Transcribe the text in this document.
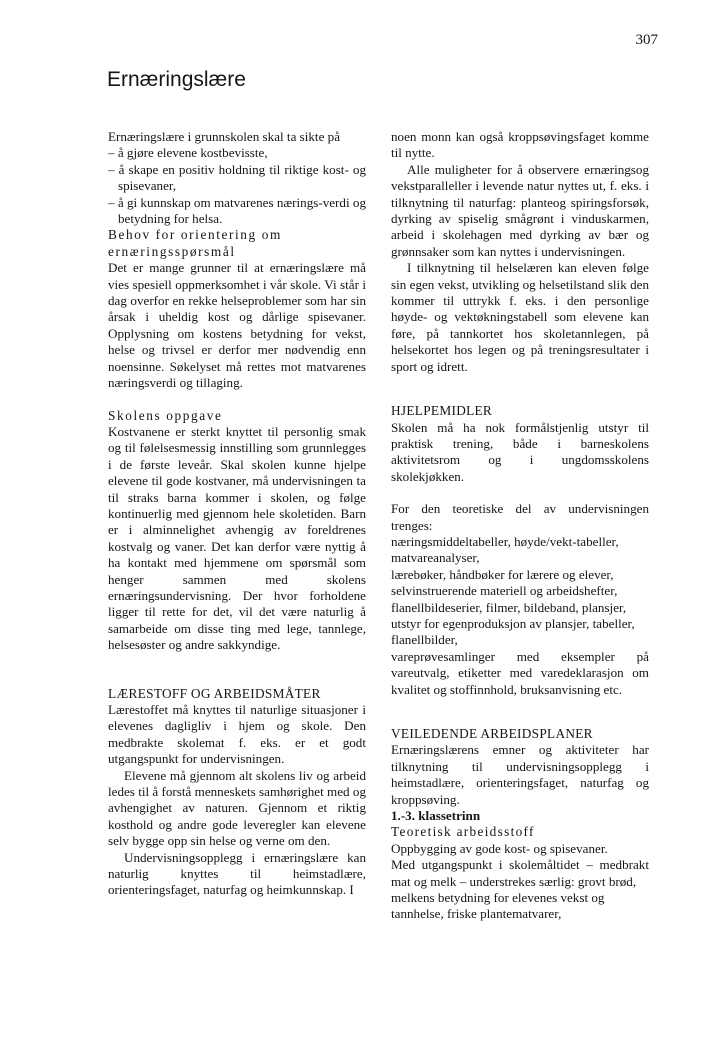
307
Ernæringslære

Ernæringslære i grunnskolen skal ta sikte på

– å gjøre elevene kostbevisste,

– å skape en positiv holdning til riktige kost- og spisevaner,

– å gi kunnskap om matvarenes nærings-verdi og betydning for helsa.

Behov for orientering om ernæringsspørsmål

Det er mange grunner til at ernæringslære må vies spesiell oppmerksomhet i vår skole. Vi står i dag overfor en rekke helseproblemer som har sin årsak i uheldig kost og dårlige spisevaner. Opplysning om kostens betydning for vekst, helse og trivsel er derfor mer nødvendig enn noensinne. Søkelyset må rettes mot matvarenes næringsverdi og tillaging.

Skolens oppgave

Kostvanene er sterkt knyttet til personlig smak og til følelsesmessig innstilling som grunnlegges i de første leveår. Skal skolen kunne hjelpe elevene til gode kostvaner, må undervisningen ta til straks barna kommer i skolen, og følge kontinuerlig med gjennom hele skoletiden. Barn er i alminnelighet avhengig av foreldrenes kostvalg og vaner. Det kan derfor være nyttig å ha kontakt med hjemmene om spørsmål som henger sammen med skolens ernæringsundervisning. Der hvor forholdene ligger til rette for det, vil det være naturlig å samarbeide om disse ting med lege, tannlege, helsesøster og andre sakkyndige.

LÆRESTOFF OG ARBEIDSMÅTER

Lærestoffet må knyttes til naturlige situasjoner i elevenes dagligliv i hjem og skole. Den medbrakte skolemat f. eks. er et godt utgangspunkt for undervisningen.

Elevene må gjennom alt skolens liv og arbeid ledes til å forstå menneskets samhørighet med og avhengighet av naturen. Gjennom et riktig kosthold og andre gode leveregler kan elevene selv bygge opp sin helse og verne om den.

Undervisningsopplegg i ernæringslære kan naturlig knyttes til heimstadlære, orienteringsfaget, naturfag og heimkunnskap. I

noen monn kan også kroppsøvingsfaget komme til nytte.

Alle muligheter for å observere ernæringsog vekstparalleller i levende natur nyttes ut, f. eks. i tilknytning til naturfag: planteog spiringsforsøk, dyrking av spiselig smågrønt i vinduskarmen, arbeid i skolehagen med dyrking av bær og grønnsaker som kan nyttes i undervisningen.

I tilknytning til helselæren kan eleven følge sin egen vekst, utvikling og helsetilstand slik den kommer til uttrykk f. eks. i den personlige høyde- og vektøkningstabell som elevene kan føre, på tannkortet hos skoletannlegen, på helsekortet hos legen og på treningsresultater i sport og idrett.

HJELPEMIDLER

Skolen må ha nok formålstjenlig utstyr til praktisk trening, både i barneskolens aktivitetsrom og i ungdomsskolens skolekjøkken.

For den teoretiske del av undervisningen trenges:

næringsmiddeltabeller, høyde/vekt-tabeller, matvareanalyser,

lærebøker, håndbøker for lærere og elever, selvinstruerende materiell og arbeidshefter, flanellbildeserier, filmer, bildeband, plansjer,

utstyr for egenproduksjon av plansjer, tabeller, flanellbilder,

vareprøvesamlinger med eksempler på vareutvalg, etiketter med varedeklarasjon om kvalitet og stoffinnhold, bruksanvisning etc.

VEILEDENDE ARBEIDSPLANER

Ernæringslærens emner og aktiviteter har tilknytning til undervisningsopplegg i heimstadlære, orienteringsfaget, naturfag og kroppsøving.

1.-3. klassetrinn

Teoretisk arbeidsstoff

Oppbygging av gode kost- og spisevaner.

Med utgangspunkt i skolemåltidet – medbrakt mat og melk – understrekes særlig: grovt brød,

melkens betydning for elevenes vekst og tannhelse, friske plantematvarer,
